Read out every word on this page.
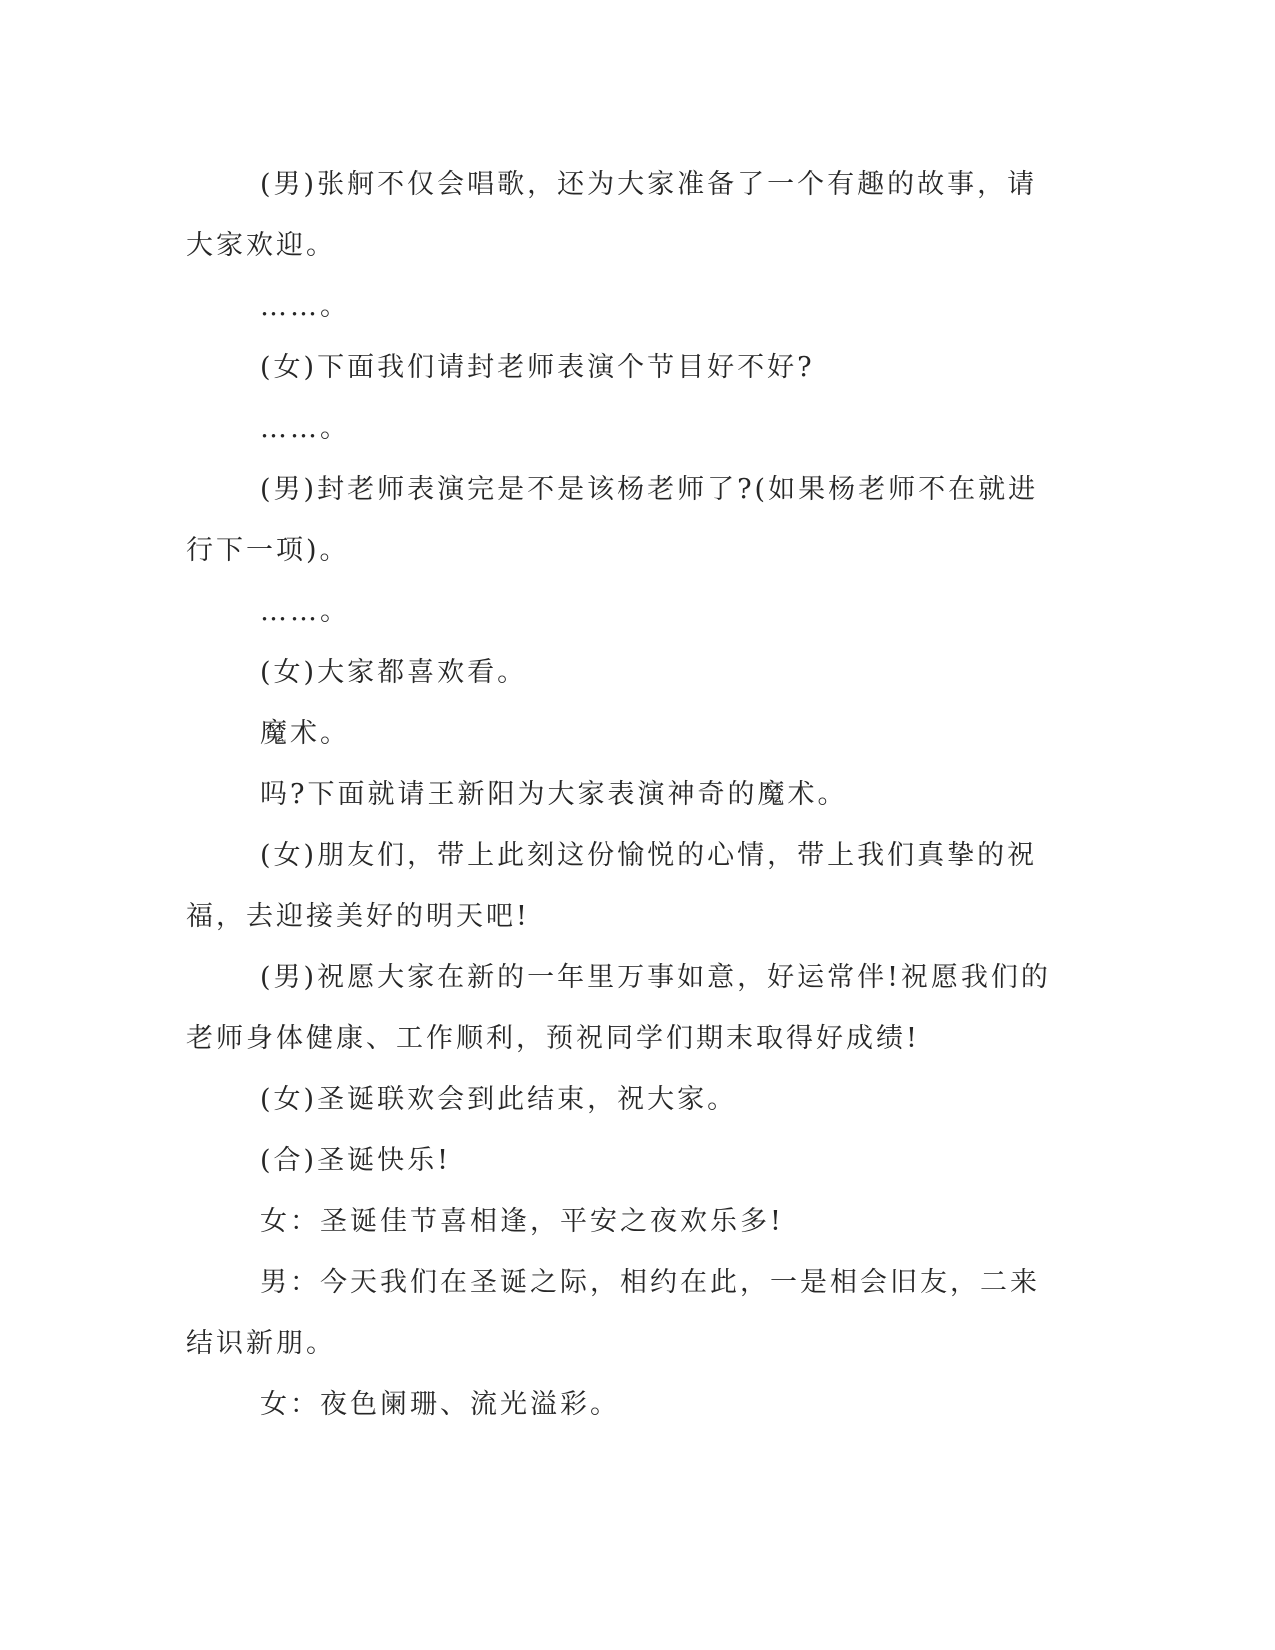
(男)张舸不仅会唱歌，还为大家准备了一个有趣的故事，请大家欢迎。

……。

(女)下面我们请封老师表演个节目好不好?

……。

(男)封老师表演完是不是该杨老师了?(如果杨老师不在就进行下一项)。

……。

(女)大家都喜欢看。

魔术。

吗?下面就请王新阳为大家表演神奇的魔术。

(女)朋友们，带上此刻这份愉悦的心情，带上我们真挚的祝福，去迎接美好的明天吧!

(男)祝愿大家在新的一年里万事如意，好运常伴!祝愿我们的老师身体健康、工作顺利，预祝同学们期末取得好成绩!

(女)圣诞联欢会到此结束，祝大家。

(合)圣诞快乐!

女：圣诞佳节喜相逢，平安之夜欢乐多!

男：今天我们在圣诞之际，相约在此，一是相会旧友，二来结识新朋。

女：夜色阑珊、流光溢彩。
